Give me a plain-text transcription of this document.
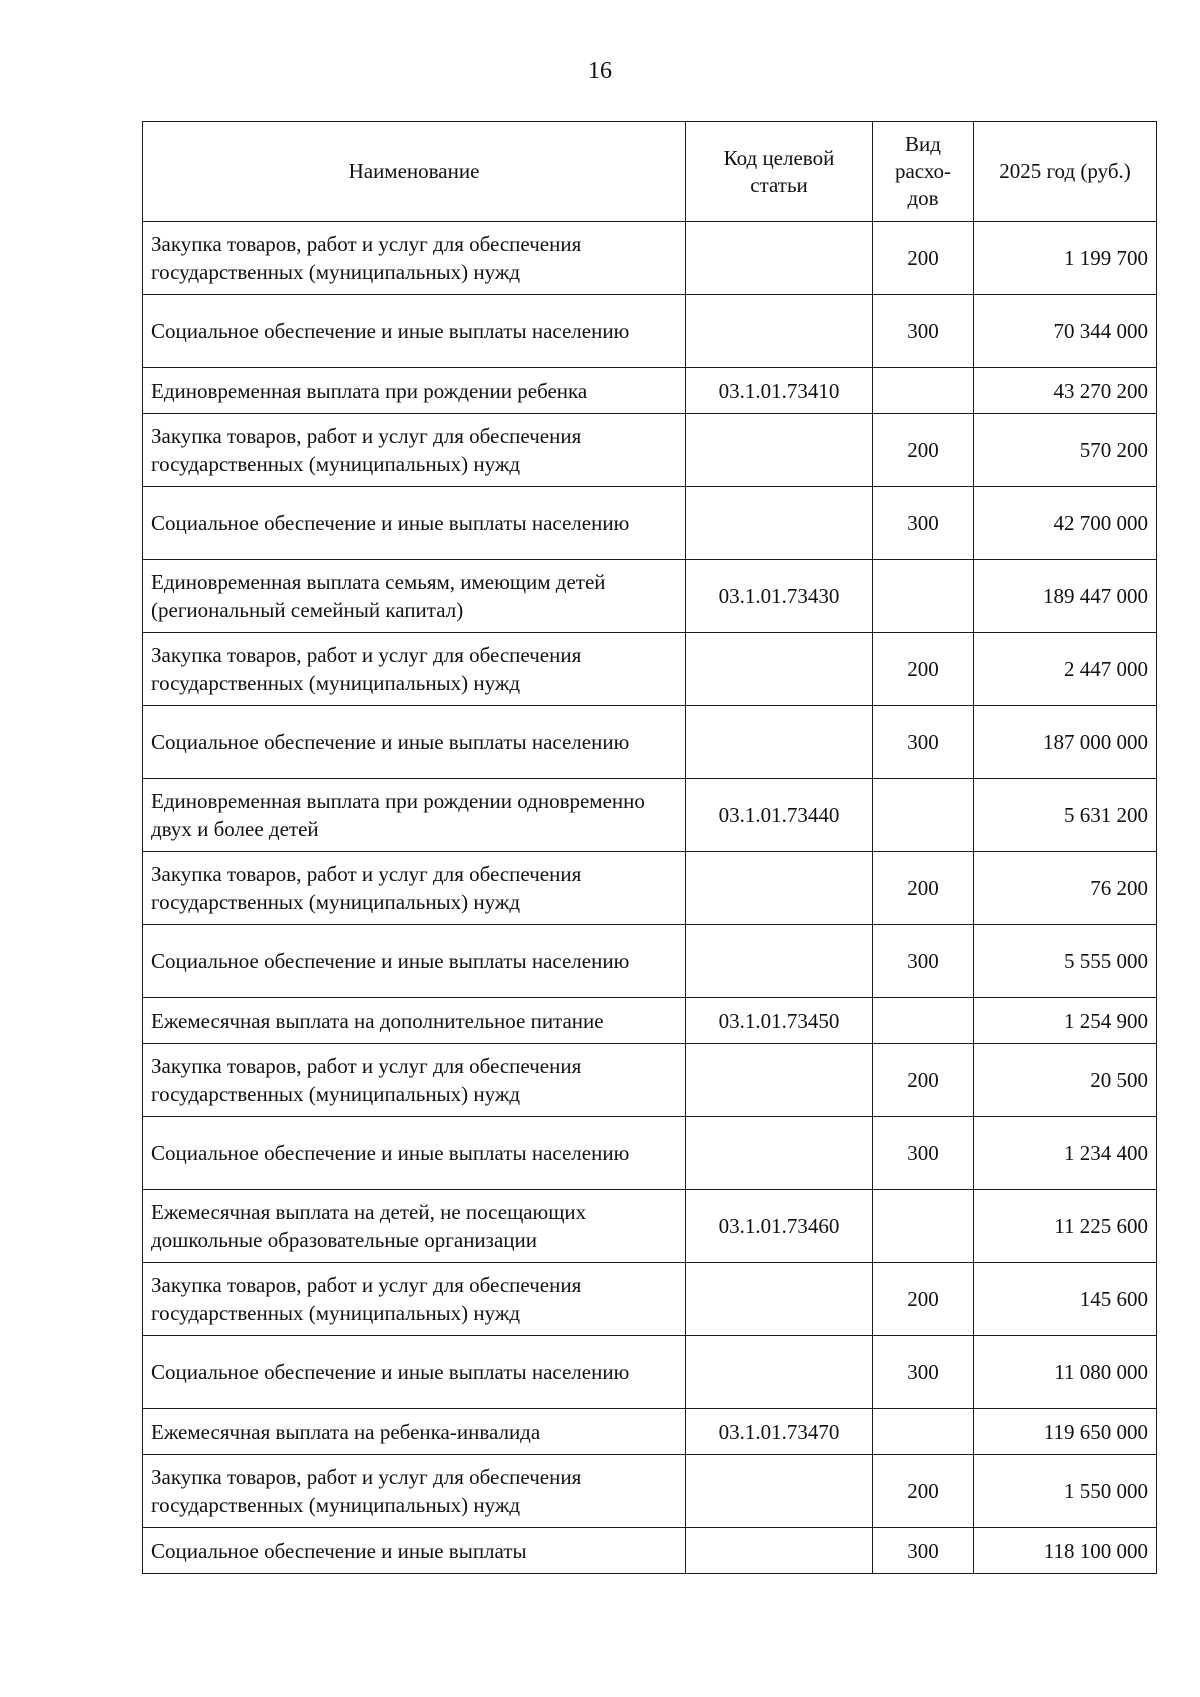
16
Наименование	Код целевой статьи	Вид расхо-дов	2025 год (руб.)
Закупка товаров, работ и услуг для обеспечения государственных (муниципальных) нужд		200	1 199 700
Социальное обеспечение и иные выплаты населению		300	70 344 000
Единовременная выплата при рождении ребенка	03.1.01.73410		43 270 200
Закупка товаров, работ и услуг для обеспечения государственных (муниципальных) нужд		200	570 200
Социальное обеспечение и иные выплаты населению		300	42 700 000
Единовременная выплата семьям, имеющим детей (региональный семейный капитал)	03.1.01.73430		189 447 000
Закупка товаров, работ и услуг для обеспечения государственных (муниципальных) нужд		200	2 447 000
Социальное обеспечение и иные выплаты населению		300	187 000 000
Единовременная выплата при рождении одновременно двух и более детей	03.1.01.73440		5 631 200
Закупка товаров, работ и услуг для обеспечения государственных (муниципальных) нужд		200	76 200
Социальное обеспечение и иные выплаты населению		300	5 555 000
Ежемесячная выплата на дополнительное питание	03.1.01.73450		1 254 900
Закупка товаров, работ и услуг для обеспечения государственных (муниципальных) нужд		200	20 500
Социальное обеспечение и иные выплаты населению		300	1 234 400
Ежемесячная выплата на детей, не посещающих дошкольные образовательные организации	03.1.01.73460		11 225 600
Закупка товаров, работ и услуг для обеспечения государственных (муниципальных) нужд		200	145 600
Социальное обеспечение и иные выплаты населению		300	11 080 000
Ежемесячная выплата на ребенка-инвалида	03.1.01.73470		119 650 000
Закупка товаров, работ и услуг для обеспечения государственных (муниципальных) нужд		200	1 550 000
Социальное обеспечение и иные выплаты		300	118 100 000
